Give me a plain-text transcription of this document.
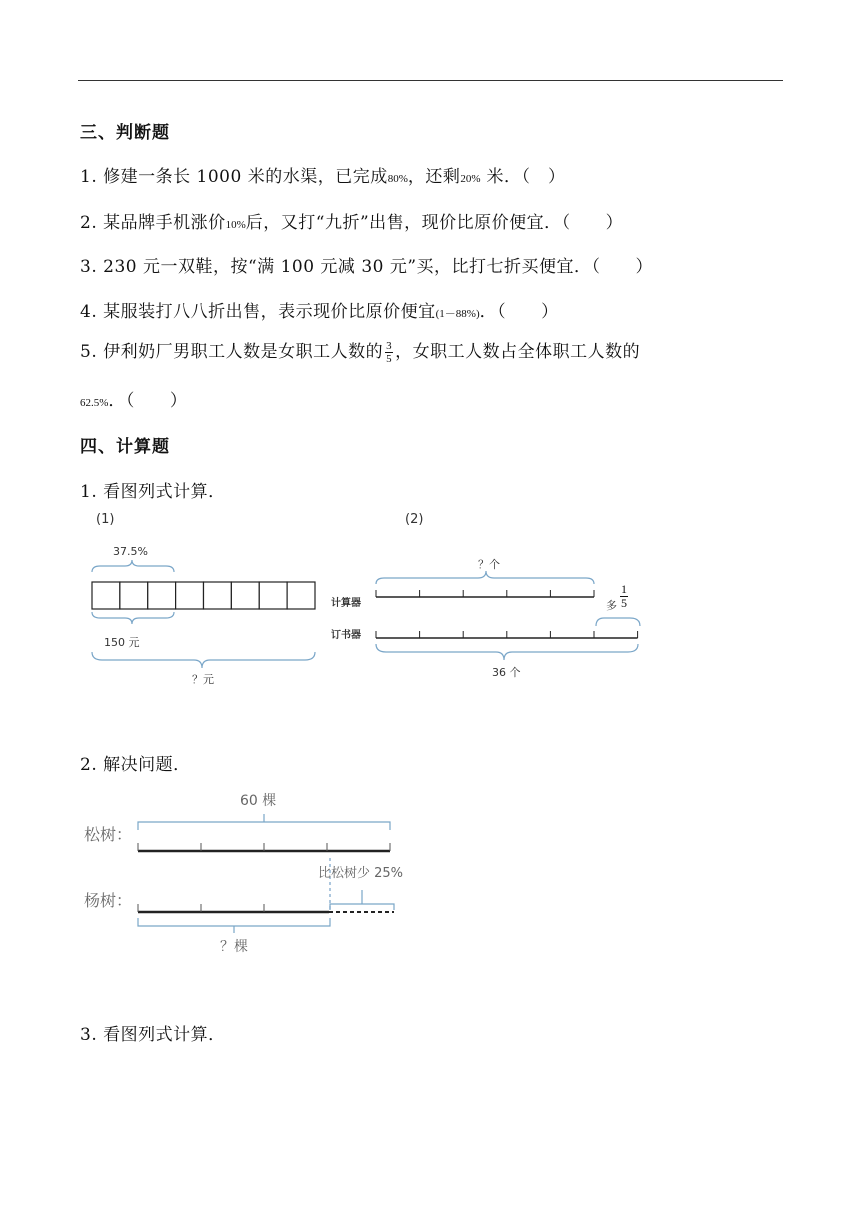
三、判断题
1. 修建一条长 1000 米的水渠，已完成80%，还剩20% 米．（　）
2. 某品牌手机涨价10%后，又打“九折”出售，现价比原价便宜．（　　）
3. 230 元一双鞋，按“满 100 元减 30 元”买，比打七折买便宜．（　　）
4. 某服装打八八折出售，表示现价比原价便宜(1－88%)．（　　）
5. 伊利奶厂男职工人数是女职工人数的 $\frac{3}{5}$ ，女职工人数占全体职工人数的
62.5%．（　　）
四、计算题
1. 看图列式计算．
(1)	(2)
37.5%
150 元
？元
？个
计算器
订书器
多 $\frac{1}{5}$
36 个
2. 解决问题．
60 棵
松树：
杨树：
比松树少 25%
？棵
3. 看图列式计算．
